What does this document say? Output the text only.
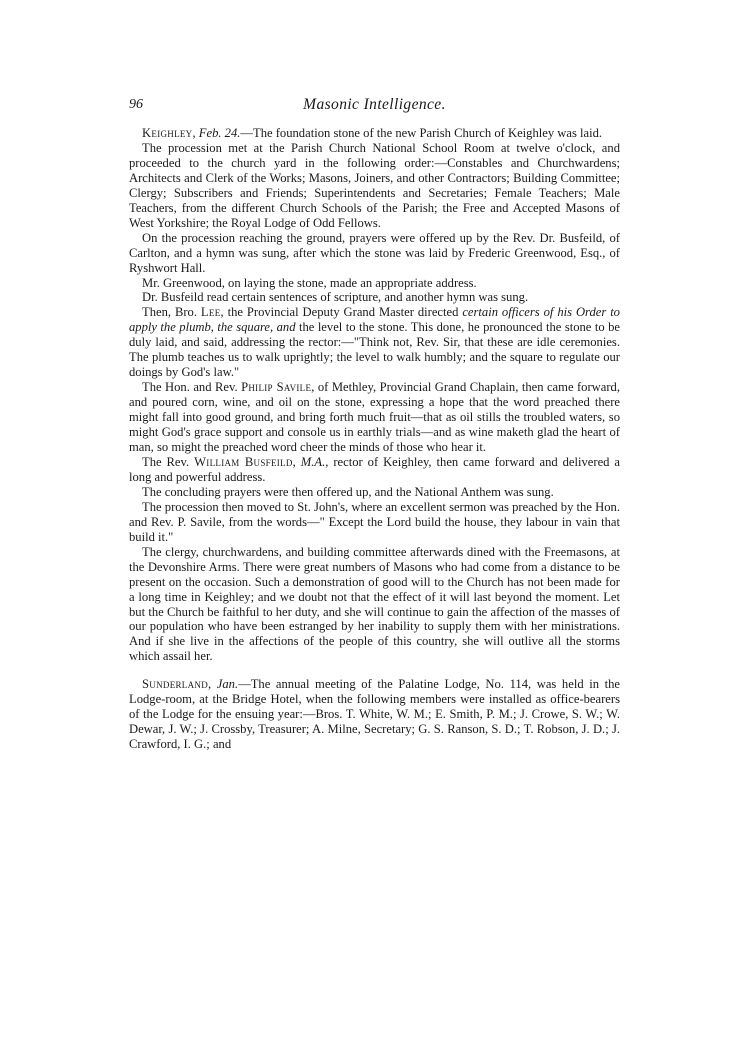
96	Masonic Intelligence.

Keighley, Feb. 24.—The foundation stone of the new Parish Church of Keighley was laid.

The procession met at the Parish Church National School Room at twelve o'clock, and proceeded to the church yard in the following order:—Constables and Churchwardens; Architects and Clerk of the Works; Masons, Joiners, and other Contractors; Building Committee; Clergy; Subscribers and Friends; Superintendents and Secretaries; Female Teachers; Male Teachers, from the different Church Schools of the Parish; the Free and Accepted Masons of West Yorkshire; the Royal Lodge of Odd Fellows.

On the procession reaching the ground, prayers were offered up by the Rev. Dr. Busfeild, of Carlton, and a hymn was sung, after which the stone was laid by Frederic Greenwood, Esq., of Ryshwort Hall.

Mr. Greenwood, on laying the stone, made an appropriate address.

Dr. Busfeild read certain sentences of scripture, and another hymn was sung.

Then, Bro. Lee, the Provincial Deputy Grand Master directed certain officers of his Order to apply the plumb, the square, and the level to the stone. This done, he pronounced the stone to be duly laid, and said, addressing the rector:—"Think not, Rev. Sir, that these are idle ceremonies. The plumb teaches us to walk uprightly; the level to walk humbly; and the square to regulate our doings by God's law."

The Hon. and Rev. Philip Savile, of Methley, Provincial Grand Chaplain, then came forward, and poured corn, wine, and oil on the stone, expressing a hope that the word preached there might fall into good ground, and bring forth much fruit—that as oil stills the troubled waters, so might God's grace support and console us in earthly trials—and as wine maketh glad the heart of man, so might the preached word cheer the minds of those who hear it.

The Rev. William Busfeild, M.A., rector of Keighley, then came forward and delivered a long and powerful address.

The concluding prayers were then offered up, and the National Anthem was sung.

The procession then moved to St. John's, where an excellent sermon was preached by the Hon. and Rev. P. Savile, from the words—" Except the Lord build the house, they labour in vain that build it."

The clergy, churchwardens, and building committee afterwards dined with the Freemasons, at the Devonshire Arms. There were great numbers of Masons who had come from a distance to be present on the occasion. Such a demonstration of good will to the Church has not been made for a long time in Keighley; and we doubt not that the effect of it will last beyond the moment. Let but the Church be faithful to her duty, and she will continue to gain the affection of the masses of our population who have been estranged by her inability to supply them with her ministrations. And if she live in the affections of the people of this country, she will outlive all the storms which assail her.

Sunderland, Jan.—The annual meeting of the Palatine Lodge, No. 114, was held in the Lodge-room, at the Bridge Hotel, when the following members were installed as office-bearers of the Lodge for the ensuing year:—Bros. T. White, W. M.; E. Smith, P. M.; J. Crowe, S. W.; W. Dewar, J. W.; J. Crossby, Treasurer; A. Milne, Secretary; G. S. Ranson, S. D.; T. Robson, J. D.; J. Crawford, I. G.; and
